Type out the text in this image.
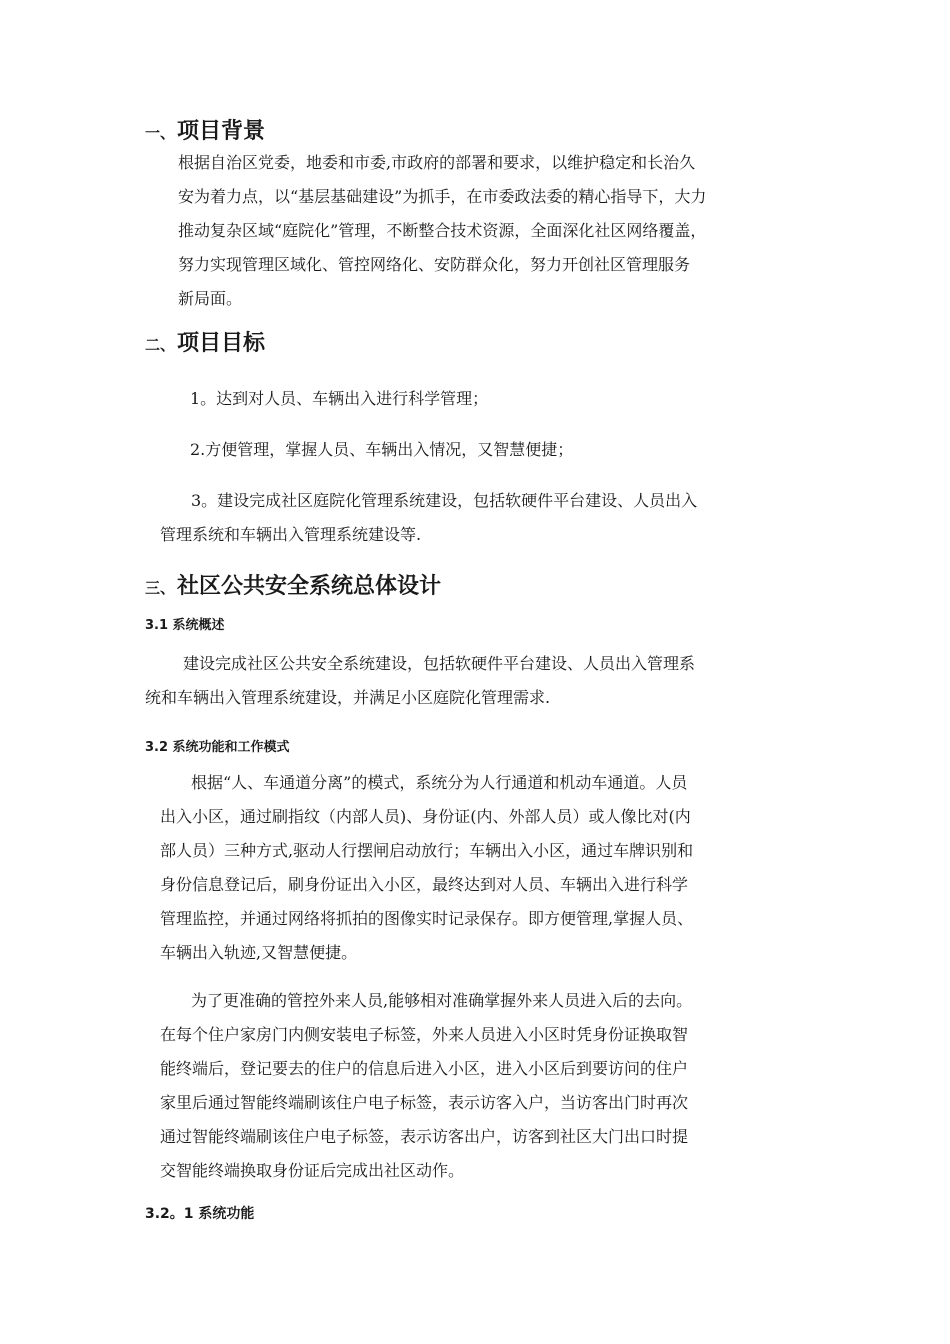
一、 项目背景
根据自治区党委，地委和市委,市政府的部署和要求，以维护稳定和长治久
安为着力点，以“基层基础建设”为抓手，在市委政法委的精心指导下，大力
推动复杂区域“庭院化”管理，不断整合技术资源，全面深化社区网络覆盖，
努力实现管理区域化、管控网络化、安防群众化，努力开创社区管理服务
新局面。
二、 项目目标

1。达到对人员、车辆出入进行科学管理；

2.方便管理，掌握人员、车辆出入情况，又智慧便捷；

3。建设完成社区庭院化管理系统建设，包括软硬件平台建设、人员出入
管理系统和车辆出入管理系统建设等.
三、 社区公共安全系统总体设计
3.1 系统概述
建设完成社区公共安全系统建设，包括软硬件平台建设、人员出入管理系
统和车辆出入管理系统建设，并满足小区庭院化管理需求.
3.2 系统功能和工作模式
根据“人、车通道分离”的模式，系统分为人行通道和机动车通道。人员
出入小区，通过刷指纹（内部人员)、身份证(内、外部人员）或人像比对(内
部人员）三种方式,驱动人行摆闸启动放行；车辆出入小区，通过车牌识别和
身份信息登记后，刷身份证出入小区，最终达到对人员、车辆出入进行科学
管理监控，并通过网络将抓拍的图像实时记录保存。即方便管理,掌握人员、
车辆出入轨迹,又智慧便捷。
为了更准确的管控外来人员,能够相对准确掌握外来人员进入后的去向。
在每个住户家房门内侧安装电子标签，外来人员进入小区时凭身份证换取智
能终端后，登记要去的住户的信息后进入小区，进入小区后到要访问的住户
家里后通过智能终端刷该住户电子标签，表示访客入户，当访客出门时再次
通过智能终端刷该住户电子标签，表示访客出户，访客到社区大门出口时提
交智能终端换取身份证后完成出社区动作。
3.2。1 系统功能
